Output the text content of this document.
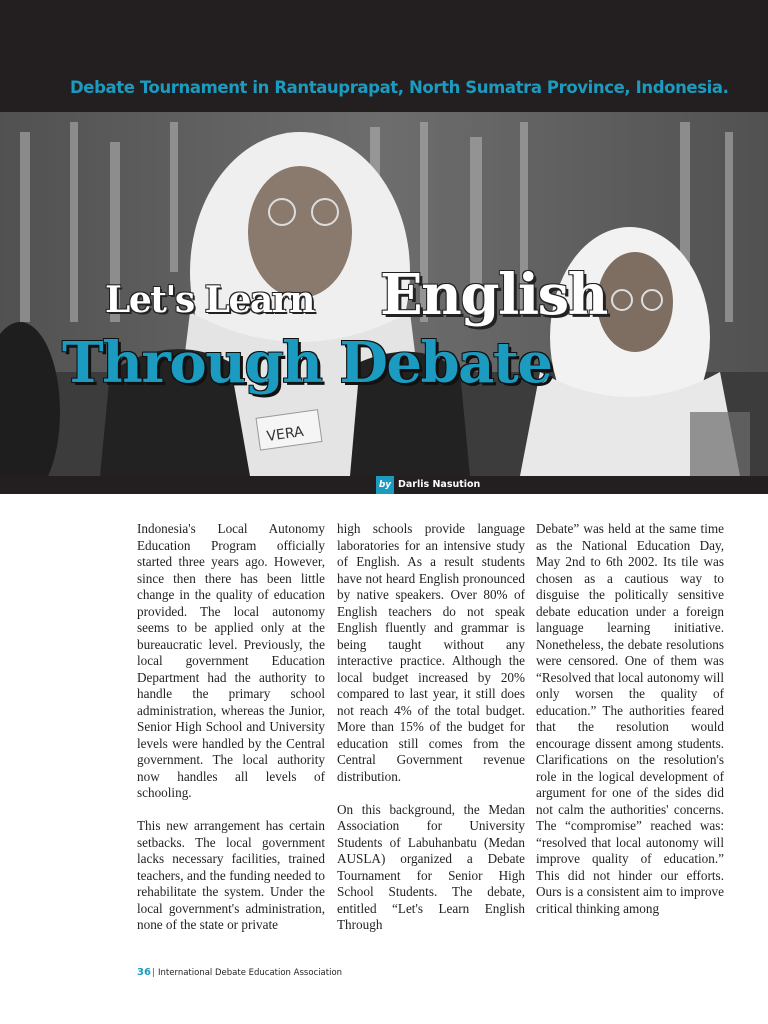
Debate Tournament in Rantauprapat, North Sumatra Province, Indonesia.
VERA
Let's Learn English
Through Debate
by Darlis Nasution

Indonesia's Local Autonomy Education Program officially started three years ago. However, since then there has been little change in the quality of education provided. The local autonomy seems to be applied only at the bureaucratic level. Previously, the local government Education Department had the authority to handle the primary school administration, whereas the Junior, Senior High School and University levels were handled by the Central government. The local authority now handles all levels of schooling.

This new arrangement has certain setbacks. The local government lacks necessary facilities, trained teachers, and the funding needed to rehabilitate the system. Under the local government's administration, none of the state or private

high schools provide language laboratories for an intensive study of English. As a result students have not heard English pronounced by native speakers. Over 80% of English teachers do not speak English fluently and grammar is being taught without any interactive practice. Although the local budget increased by 20% compared to last year, it still does not reach 4% of the total budget. More than 15% of the budget for education still comes from the Central Government revenue distribution.

On this background, the Medan Association for University Students of Labuhanbatu (Medan AUSLA) organized a Debate Tournament for Senior High School Students. The debate, entitled “Let's Learn English Through

Debate” was held at the same time as the National Education Day, May 2nd to 6th 2002. Its tile was chosen as a cautious way to disguise the politically sensitive debate education under a foreign language learning initiative. Nonetheless, the debate resolutions were censored. One of them was “Resolved that local autonomy will only worsen the quality of education.” The authorities feared that the resolution would encourage dissent among students. Clarifications on the resolution's role in the logical development of argument for one of the sides did not calm the authorities' concerns. The “compromise” reached was: “resolved that local autonomy will improve quality of education.” This did not hinder our efforts. Ours is a consistent aim to improve critical thinking among

36| International Debate Education Association
